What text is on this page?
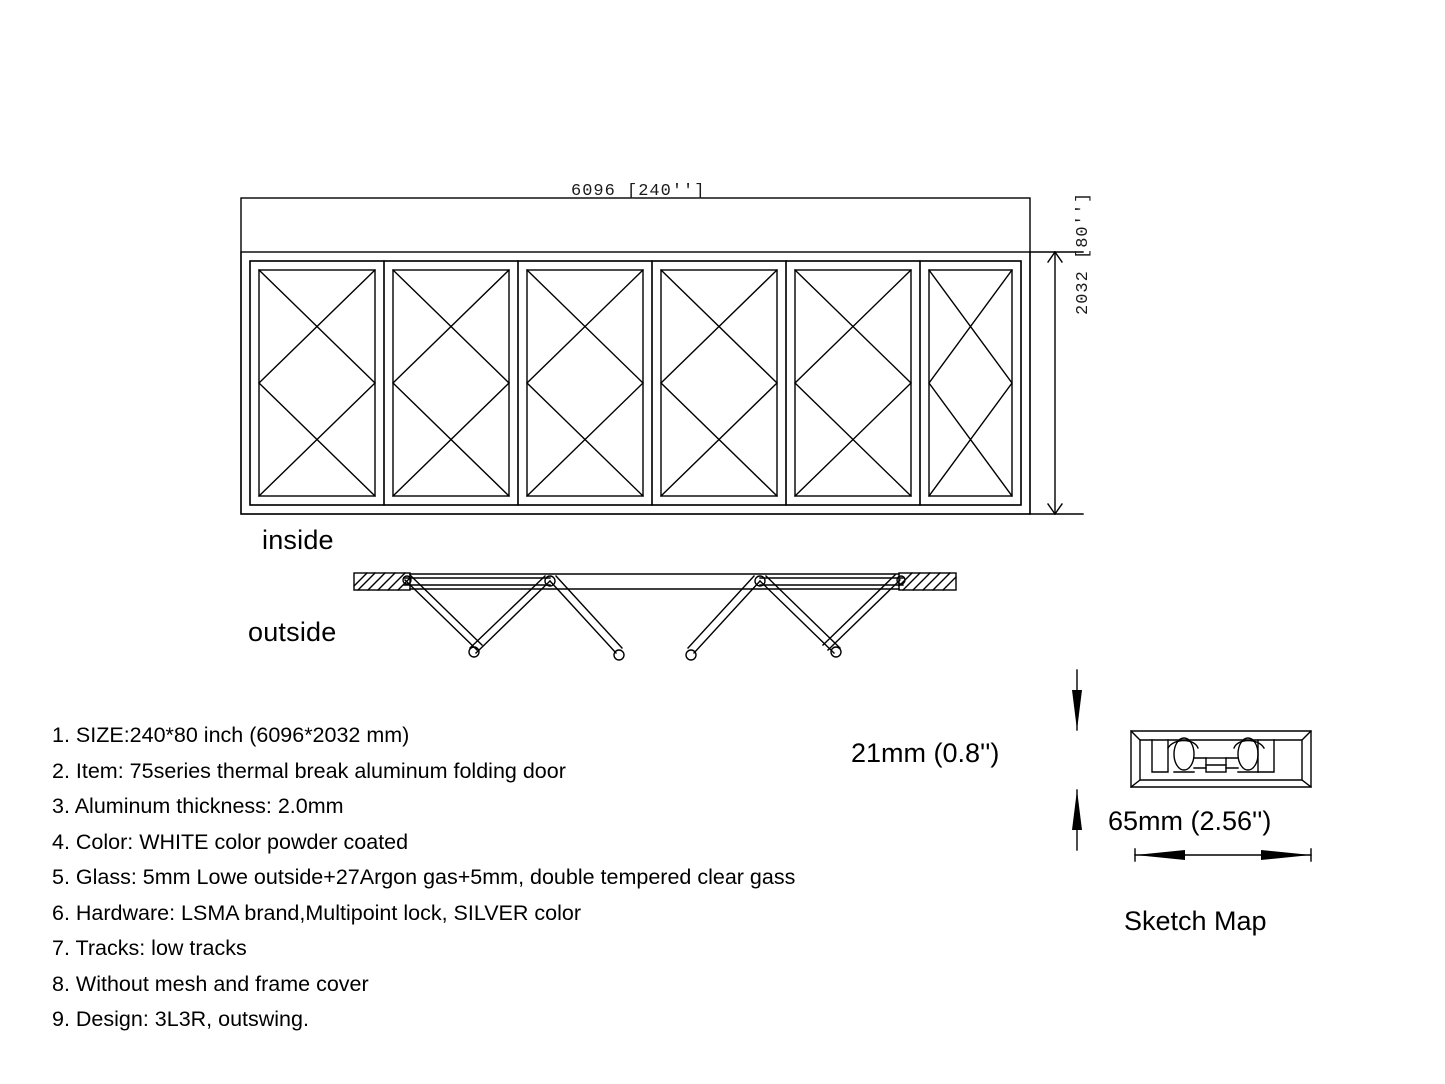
6096 [240'']
2032 [80'']
inside
outside
1. SIZE:240*80 inch (6096*2032 mm)
2. Item: 75series thermal break aluminum folding door
3. Aluminum thickness: 2.0mm
4. Color: WHITE color powder coated
5. Glass: 5mm Lowe outside+27Argon gas+5mm, double tempered clear gass
6. Hardware: LSMA brand,Multipoint lock, SILVER color
7. Tracks: low tracks
8. Without mesh and frame cover
9. Design: 3L3R, outswing.
21mm (0.8'')
65mm (2.56'')
Sketch Map
